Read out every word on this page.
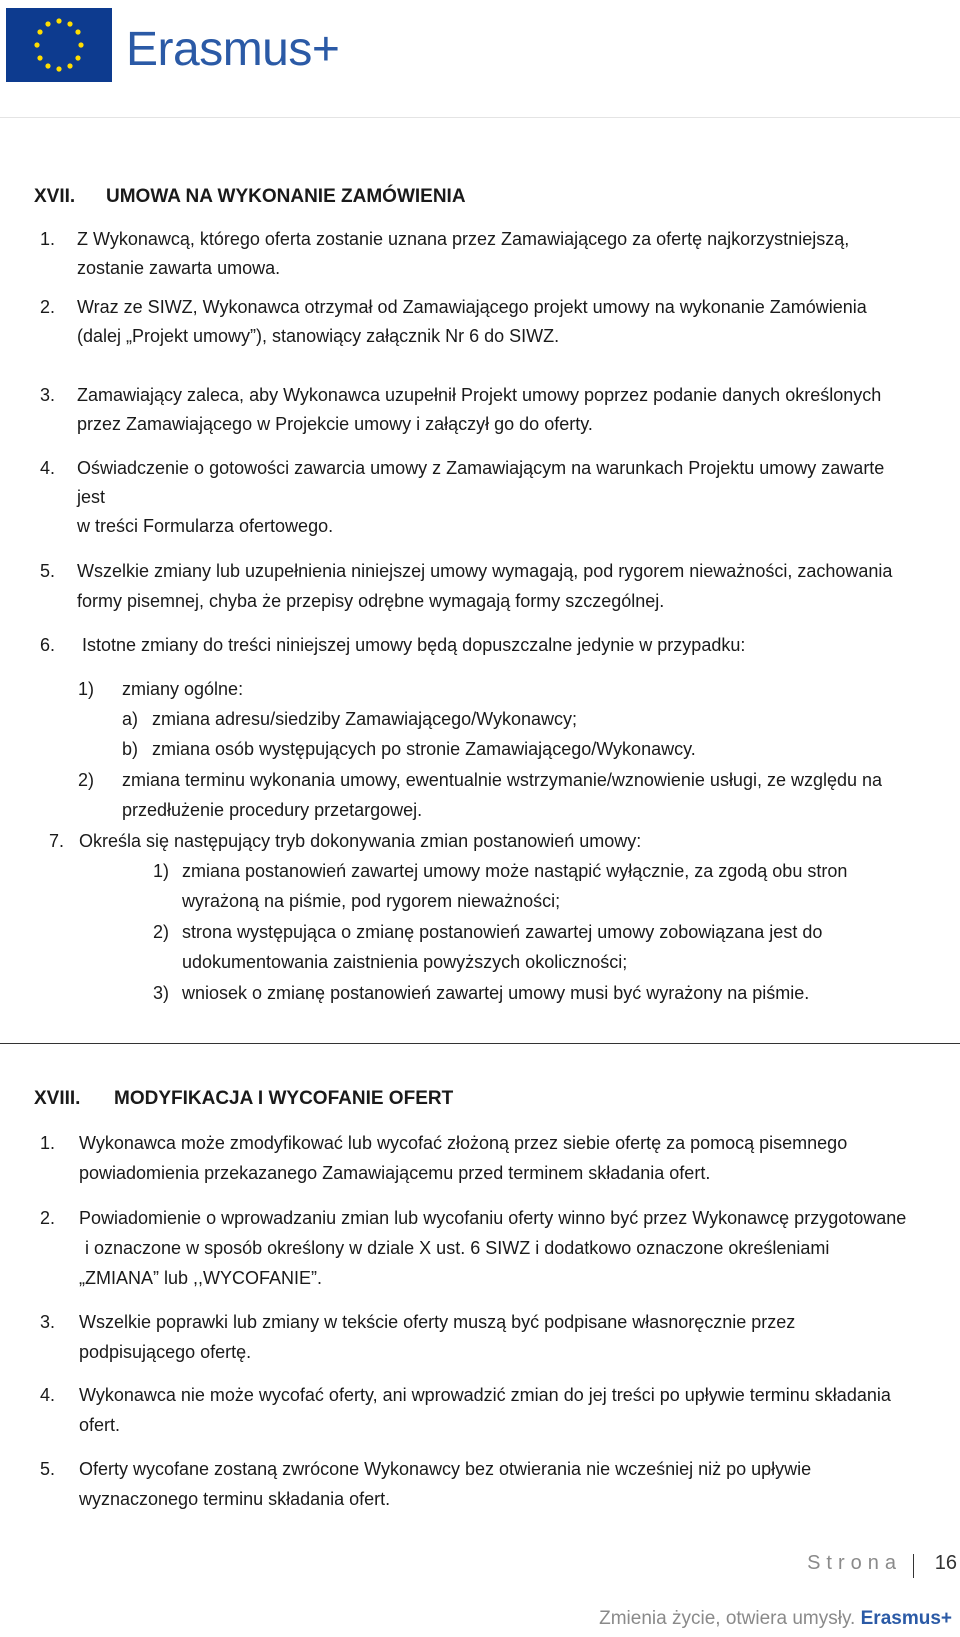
Erasmus+
XVII. UMOWA NA WYKONANIE ZAMÓWIENIA
1. Z Wykonawcą, którego oferta zostanie uznana przez Zamawiającego za ofertę najkorzystniejszą,
zostanie zawarta umowa.
2. Wraz ze SIWZ, Wykonawca otrzymał od Zamawiającego projekt umowy na wykonanie Zamówienia
(dalej „Projekt umowy”), stanowiący załącznik Nr 6 do SIWZ.
3. Zamawiający zaleca, aby Wykonawca uzupełnił Projekt umowy poprzez podanie danych określonych
przez Zamawiającego w Projekcie umowy i załączył go do oferty.
4. Oświadczenie o gotowości zawarcia umowy z Zamawiającym na warunkach Projektu umowy zawarte
jest
w treści Formularza ofertowego.
5. Wszelkie zmiany lub uzupełnienia niniejszej umowy wymagają, pod rygorem nieważności, zachowania
formy pisemnej, chyba że przepisy odrębne wymagają formy szczególnej.
6. Istotne zmiany do treści niniejszej umowy będą dopuszczalne jedynie w przypadku:
1) zmiany ogólne:
a) zmiana adresu/siedziby Zamawiającego/Wykonawcy;
b) zmiana osób występujących po stronie Zamawiającego/Wykonawcy.
2) zmiana terminu wykonania umowy, ewentualnie wstrzymanie/wznowienie usługi, ze względu na
przedłużenie procedury przetargowej.
7. Określa się następujący tryb dokonywania zmian postanowień umowy:
1) zmiana postanowień zawartej umowy może nastąpić wyłącznie, za zgodą obu stron
wyrażoną na piśmie, pod rygorem nieważności;
2) strona występująca o zmianę postanowień zawartej umowy zobowiązana jest do
udokumentowania zaistnienia powyższych okoliczności;
3) wniosek o zmianę postanowień zawartej umowy musi być wyrażony na piśmie.
XVIII. MODYFIKACJA I WYCOFANIE OFERT
1. Wykonawca może zmodyfikować lub wycofać złożoną przez siebie ofertę za pomocą pisemnego
powiadomienia przekazanego Zamawiającemu przed terminem składania ofert.
2. Powiadomienie o wprowadzaniu zmian lub wycofaniu oferty winno być przez Wykonawcę przygotowane
i oznaczone w sposób określony w dziale X ust. 6 SIWZ i dodatkowo oznaczone określeniami
„ZMIANA” lub ,,WYCOFANIE”.
3. Wszelkie poprawki lub zmiany w tekście oferty muszą być podpisane własnoręcznie przez
podpisującego ofertę.
4. Wykonawca nie może wycofać oferty, ani wprowadzić zmian do jej treści po upływie terminu składania
ofert.
5. Oferty wycofane zostaną zwrócone Wykonawcy bez otwierania nie wcześniej niż po upływie
wyznaczonego terminu składania ofert.
Strona 16
Zmienia życie, otwiera umysły. Erasmus+
